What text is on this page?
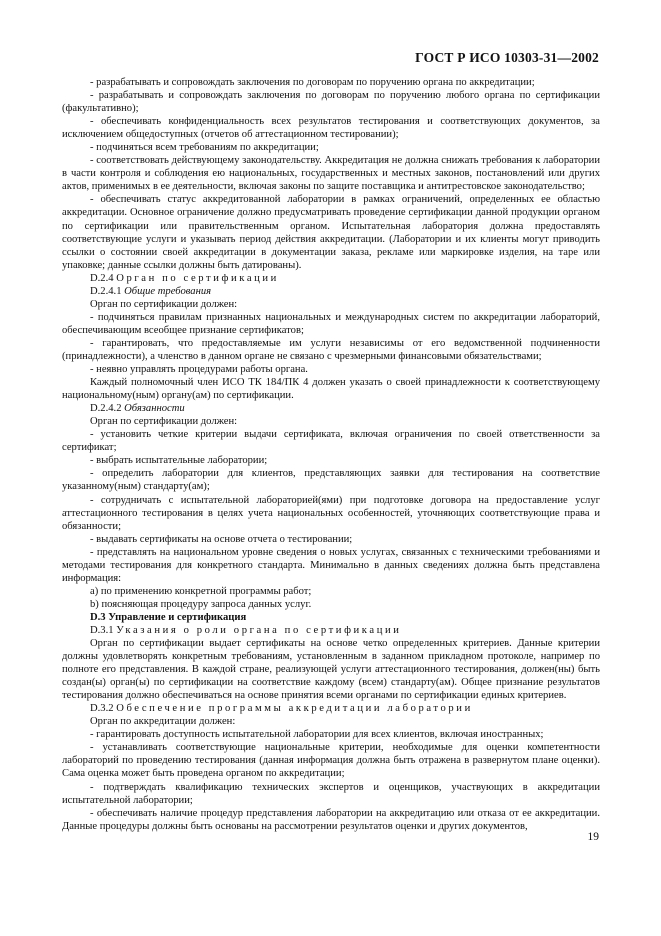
ГОСТ Р ИСО 10303-31—2002

- разрабатывать и сопровождать заключения по договорам по поручению органа по аккредитации;

- разрабатывать и сопровождать заключения по договорам по поручению любого органа по сертификации (факультативно);

- обеспечивать конфиденциальность всех результатов тестирования и соответствующих документов, за исключением общедоступных (отчетов об аттестационном тестировании);

- подчиняться всем требованиям по аккредитации;

- соответствовать действующему законодательству. Аккредитация не должна снижать требования к лаборатории в части контроля и соблюдения ею национальных, государственных и местных законов, постановлений или других актов, применимых в ее деятельности, включая законы по защите поставщика и антитрестовское законодательство;

- обеспечивать статус аккредитованной лаборатории в рамках ограничений, определенных ее областью аккредитации. Основное ограничение должно предусматривать проведение сертификации данной продукции органом по сертификации или правительственным органом. Испытательная лаборатория должна предоставлять соответствующие услуги и указывать период действия аккредитации. (Лаборатории и их клиенты могут приводить ссылки о состоянии своей аккредитации в документации заказа, рекламе или маркировке изделия, на таре или упаковке; данные ссылки должны быть датированы).

D.2.4 Орган по сертификации

D.2.4.1 Общие требования

Орган по сертификации должен:

- подчиняться правилам признанных национальных и международных систем по аккредитации лабораторий, обеспечивающим всеобщее признание сертификатов;

- гарантировать, что предоставляемые им услуги независимы от его ведомственной подчиненности (принадлежности), а членство в данном органе не связано с чрезмерными финансовыми обязательствами;

- неявно управлять процедурами работы органа.

Каждый полномочный член ИСО ТК 184/ПК 4 должен указать о своей принадлежности к соответствующему национальному(ным) органу(ам) по сертификации.

D.2.4.2 Обязанности

Орган по сертификации должен:

- установить четкие критерии выдачи сертификата, включая ограничения по своей ответственности за сертификат;

- выбрать испытательные лаборатории;

- определить лаборатории для клиентов, представляющих заявки для тестирования на соответствие указанному(ным) стандарту(ам);

- сотрудничать с испытательной лабораторией(ями) при подготовке договора на предоставление услуг аттестационного тестирования в целях учета национальных особенностей, уточняющих соответствующие права и обязанности;

- выдавать сертификаты на основе отчета о тестировании;

- представлять на национальном уровне сведения о новых услугах, связанных с техническими требованиями и методами тестирования для конкретного стандарта. Минимально в данных сведениях должна быть представлена информация:

a) по применению конкретной программы работ;

b) поясняющая процедуру запроса данных услуг.

D.3 Управление и сертификация

D.3.1 Указания о роли органа по сертификации

Орган по сертификации выдает сертификаты на основе четко определенных критериев. Данные критерии должны удовлетворять конкретным требованиям, установленным в заданном прикладном протоколе, например по полноте его представления. В каждой стране, реализующей услуги аттестационного тестирования, должен(ны) быть создан(ы) орган(ы) по сертификации на соответствие каждому (всем) стандарту(ам). Общее признание результатов тестирования должно обеспечиваться на основе принятия всеми органами по сертификации единых критериев.

D.3.2 Обеспечение программы аккредитации лаборатории

Орган по аккредитации должен:

- гарантировать доступность испытательной лаборатории для всех клиентов, включая иностранных;

- устанавливать соответствующие национальные критерии, необходимые для оценки компетентности лабораторий по проведению тестирования (данная информация должна быть отражена в развернутом плане оценки). Сама оценка может быть проведена органом по аккредитации;

- подтверждать квалификацию технических экспертов и оценщиков, участвующих в аккредитации испытательной лаборатории;

- обеспечивать наличие процедур представления лаборатории на аккредитацию или отказа от ее аккредитации. Данные процедуры должны быть основаны на рассмотрении результатов оценки и других документов,

19
